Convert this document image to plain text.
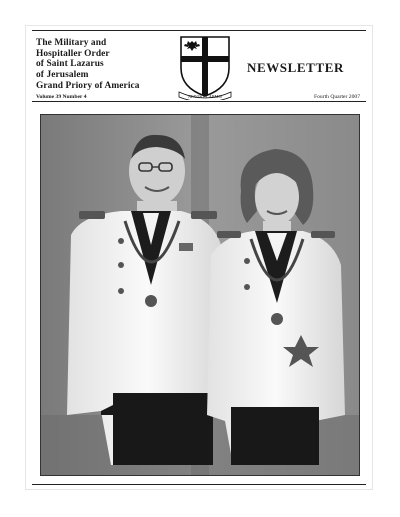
The Military and
Hospitaller Order
of Saint Lazarus
of Jerusalem
Grand Priory of America
ATAVIS ET ARMIS
NEWSLETTER
Volume 39 Number 4	Fourth Quarter 2007
